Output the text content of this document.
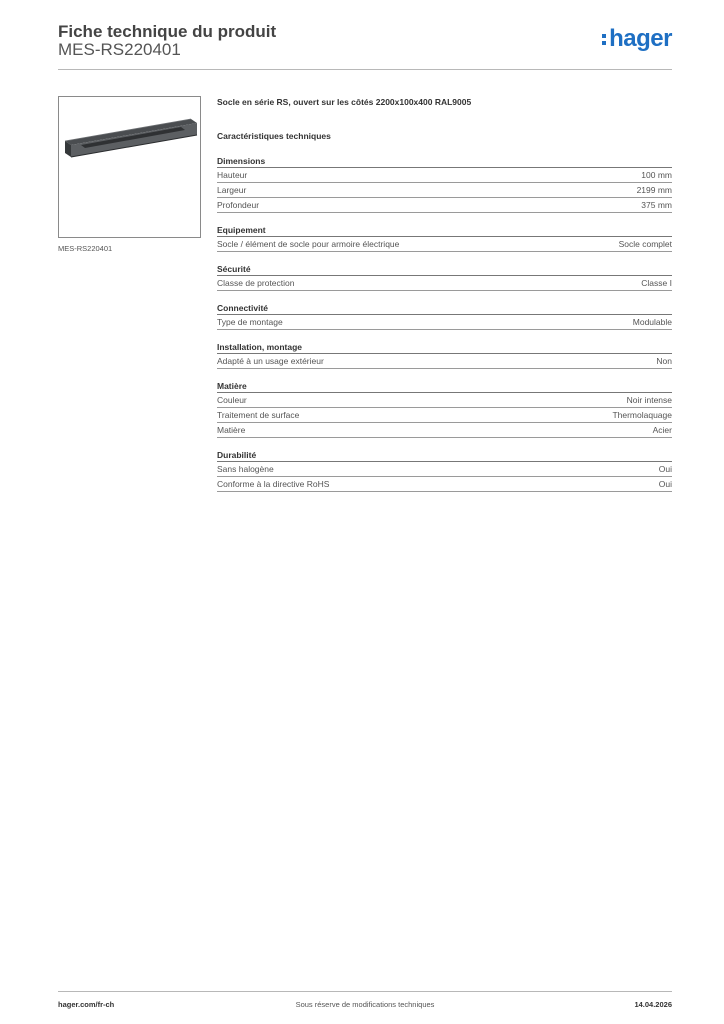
Fiche technique du produit
MES-RS220401	hager
MES-RS220401
Socle en série RS, ouvert sur les côtés 2200x100x400 RAL9005
Caractéristiques techniques
Dimensions
Hauteur	100 mm
Largeur	2199 mm
Profondeur	375 mm
Equipement
Socle / élément de socle pour armoire électrique	Socle complet
Sécurité
Classe de protection	Classe I
Connectivité
Type de montage	Modulable
Installation, montage
Adapté à un usage extérieur	Non
Matière
Couleur	Noir intense
Traitement de surface	Thermolaquage
Matière	Acier
Durabilité
Sans halogène	Oui
Conforme à la directive RoHS	Oui
hager.com/fr-ch	Sous réserve de modifications techniques	14.04.2026
